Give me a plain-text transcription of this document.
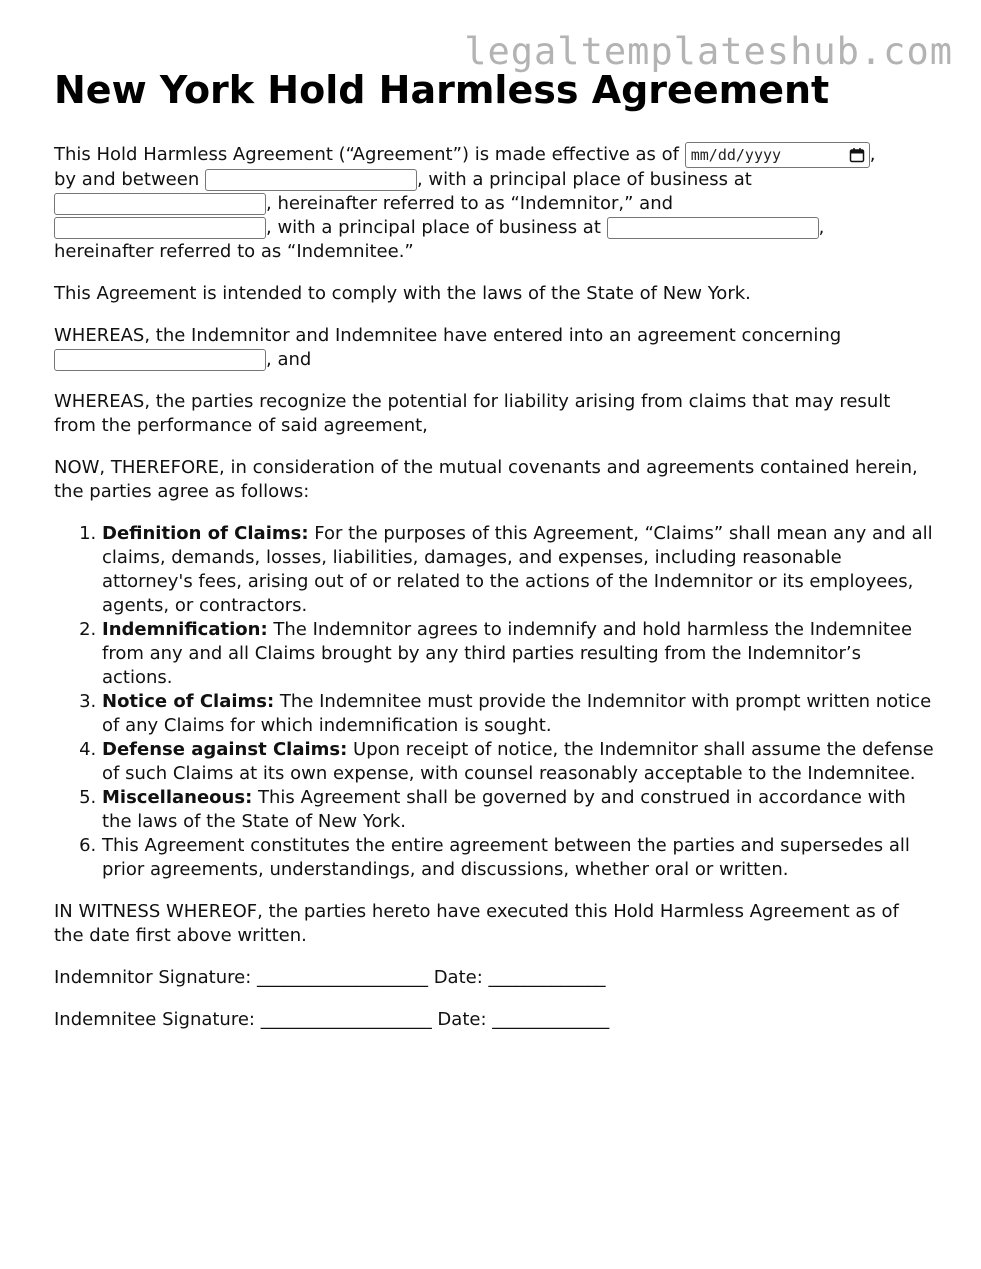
legaltemplateshub.com
New York Hold Harmless Agreement

This Hold Harmless Agreement (“Agreement”) is made effective as of mm/dd/yyyy	,
by and between	, with a principal place of business at
, hereinafter referred to as “Indemnitor,” and
, with a principal place of business at	,
hereinafter referred to as “Indemnitee.”

This Agreement is intended to comply with the laws of the State of New York.

WHEREAS, the Indemnitor and Indemnitee have entered into an agreement concerning
, and

WHEREAS, the parties recognize the potential for liability arising from claims that may result from the performance of said agreement,

NOW, THEREFORE, in consideration of the mutual covenants and agreements contained herein, the parties agree as follows:

1. Definition of Claims: For the purposes of this Agreement, “Claims” shall mean any and all claims, demands, losses, liabilities, damages, and expenses, including reasonable attorney's fees, arising out of or related to the actions of the Indemnitor or its employees, agents, or contractors.
2. Indemnification: The Indemnitor agrees to indemnify and hold harmless the Indemnitee from any and all Claims brought by any third parties resulting from the Indemnitor’s actions.
3. Notice of Claims: The Indemnitee must provide the Indemnitor with prompt written notice of any Claims for which indemnification is sought.
4. Defense against Claims: Upon receipt of notice, the Indemnitor shall assume the defense of such Claims at its own expense, with counsel reasonably acceptable to the Indemnitee.
5. Miscellaneous: This Agreement shall be governed by and construed in accordance with the laws of the State of New York.
6. This Agreement constitutes the entire agreement between the parties and supersedes all prior agreements, understandings, and discussions, whether oral or written.

IN WITNESS WHEREOF, the parties hereto have executed this Hold Harmless Agreement as of the date first above written.

Indemnitor Signature: ___________________ Date: _____________
Indemnitee Signature: ___________________ Date: _____________
